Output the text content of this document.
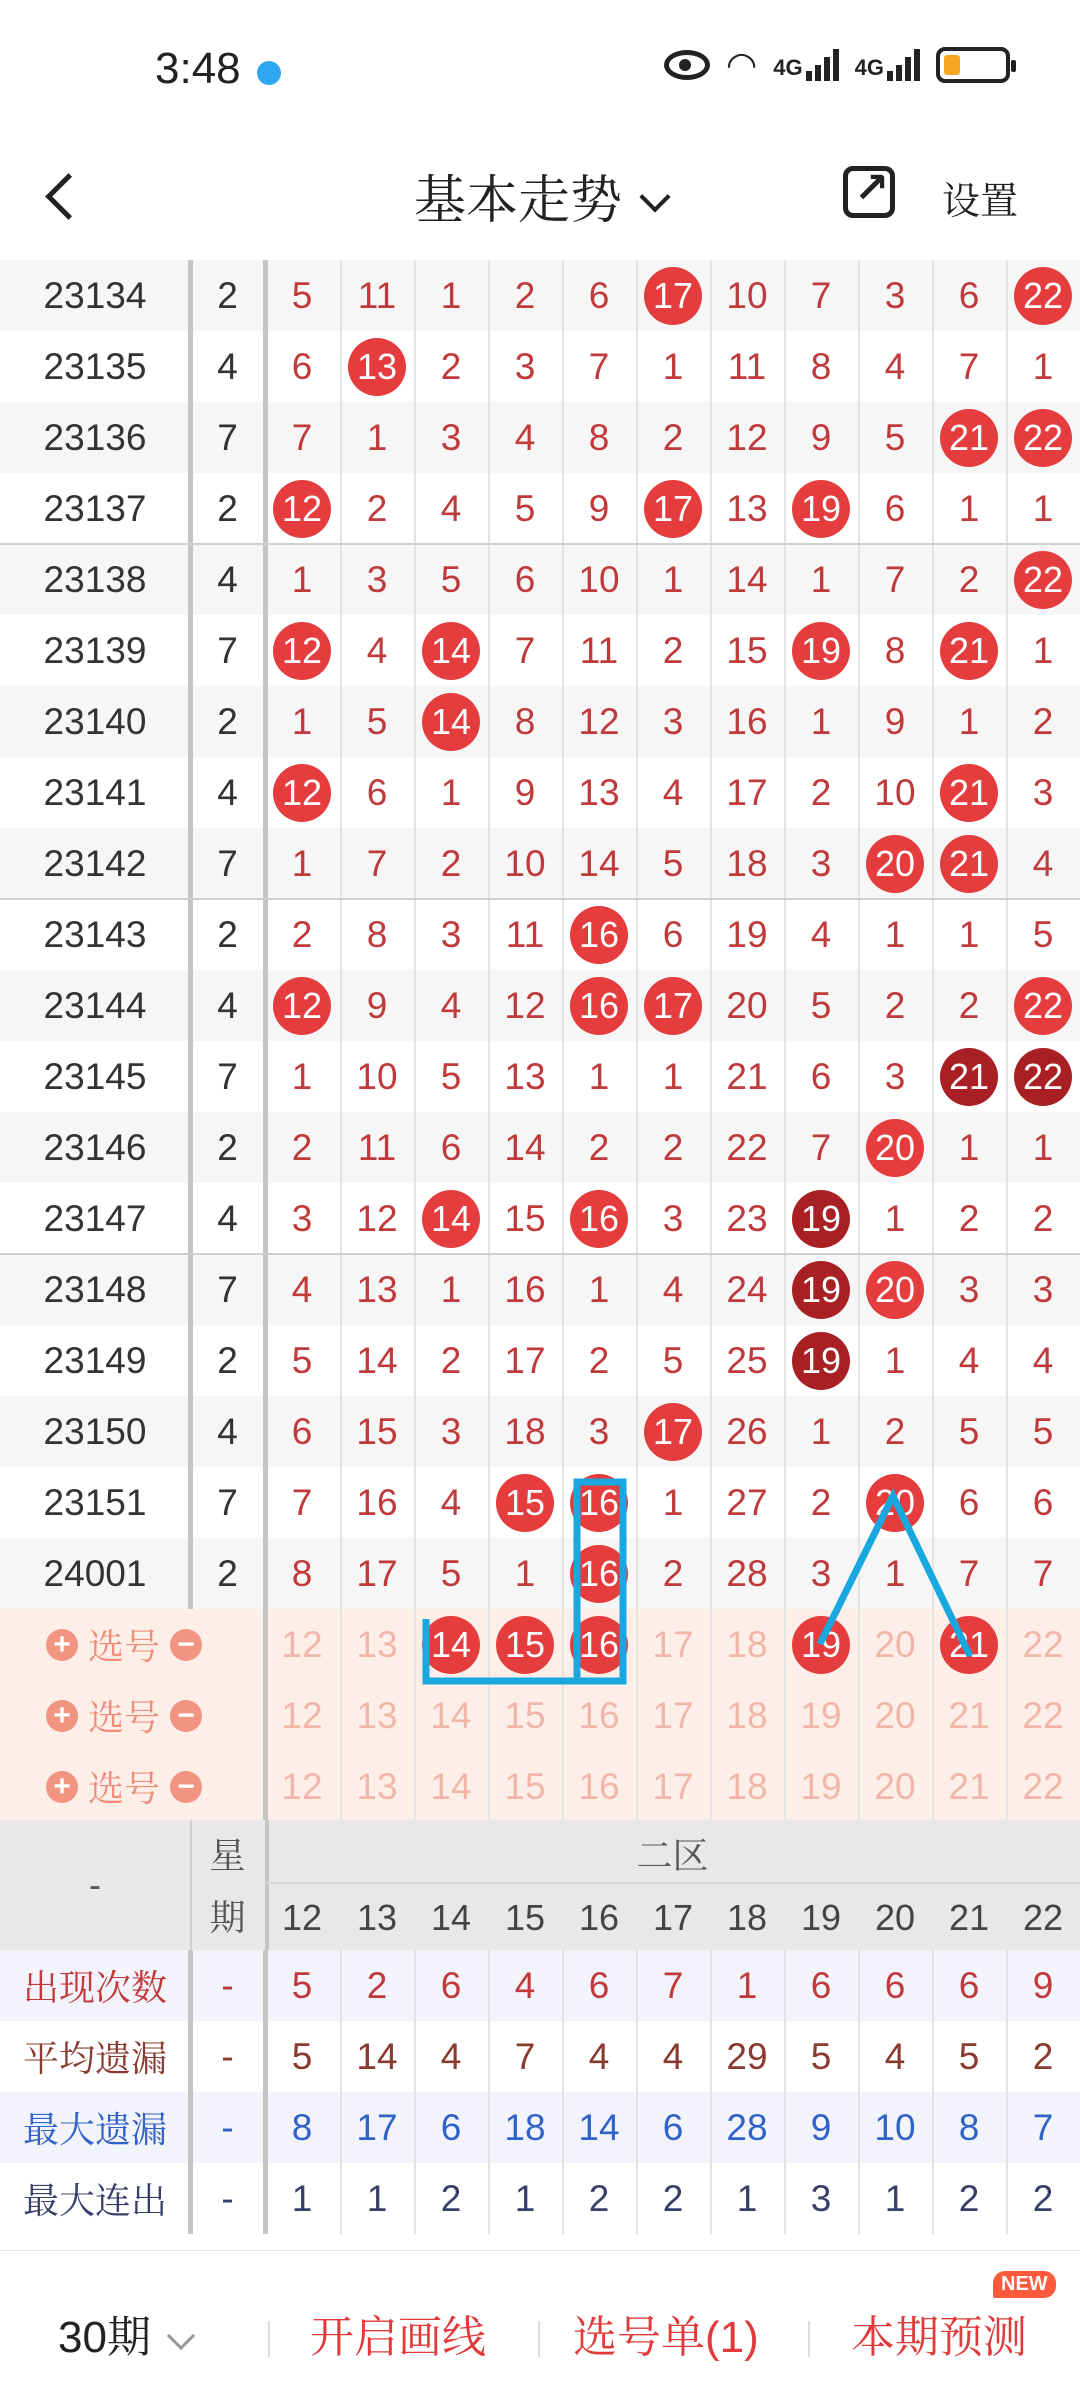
3:48	◠ 4G 4G
基本走势
↗	设置
23134	2	5	11	1	2	6	17 10	7	3	6	22
23135	4	6	13	2	3	7	1	11	8	4	7	1
23136	7	7	1	3	4	8	2	12	9	5	21 22
23137	2	12	2	4	5	9	17 13 19	6	1	1
23138	4	1	3	5	6	10	1	14	1	7	2	22
23139	7	12	4	14	7	11	2	15 19	8	21	1
23140	2	1	5	14	8	12	3	16	1	9	1	2
23141	4	12	6	1	9	13	4	17	2	10 21	3
23142	7	1	7	2	10 14	5	18	3	20 21	4
23143	2	2	8	3	11 16	6	19	4	1	1	5
23144	4	12	9	4	12 16 17 20	5	2	2	22
23145	7	1	10	5	13	1	1	21	6	3	21 22
23146	2	2	11	6	14	2	2	22	7	20	1	1
23147	4	3	12 14 15 16	3	23 19	1	2	2
23148	7	4	13	1	16	1	4	24 19 20	3	3
23149	2	5	14	2	17	2	5	25 19	1	4	4
23150	4	6	15	3	18	3	17 26	1	2	5	5
23151	7	7	16	4	15 16	1	27	2	20	6	6
24001	2	8	17	5	1	16	2	28	3	1	7	7
+ 选号 −	12 13 14 15 16 17 18 19 20 21 22
+ 选号 −	12 13 14 15 16 17 18 19 20 21 22
+ 选号 −	12 13 14 15 16 17 18 19 20 21 22
-
星
期
二区
12 13 14 15 16 17 18 19 20 21 22
出现次数	-	5	2	6	4	6	7	1	6	6	6	9
平均遗漏	-	5	14	4	7	4	4	29	5	4	5	2
最大遗漏	-	8	17	6	18 14	6	28	9	10	8	7
最大连出	-	1	1	2	1	2	2	1	3	1	2	2
30期	开启画线 选号单(1) 本期预测
NEW
